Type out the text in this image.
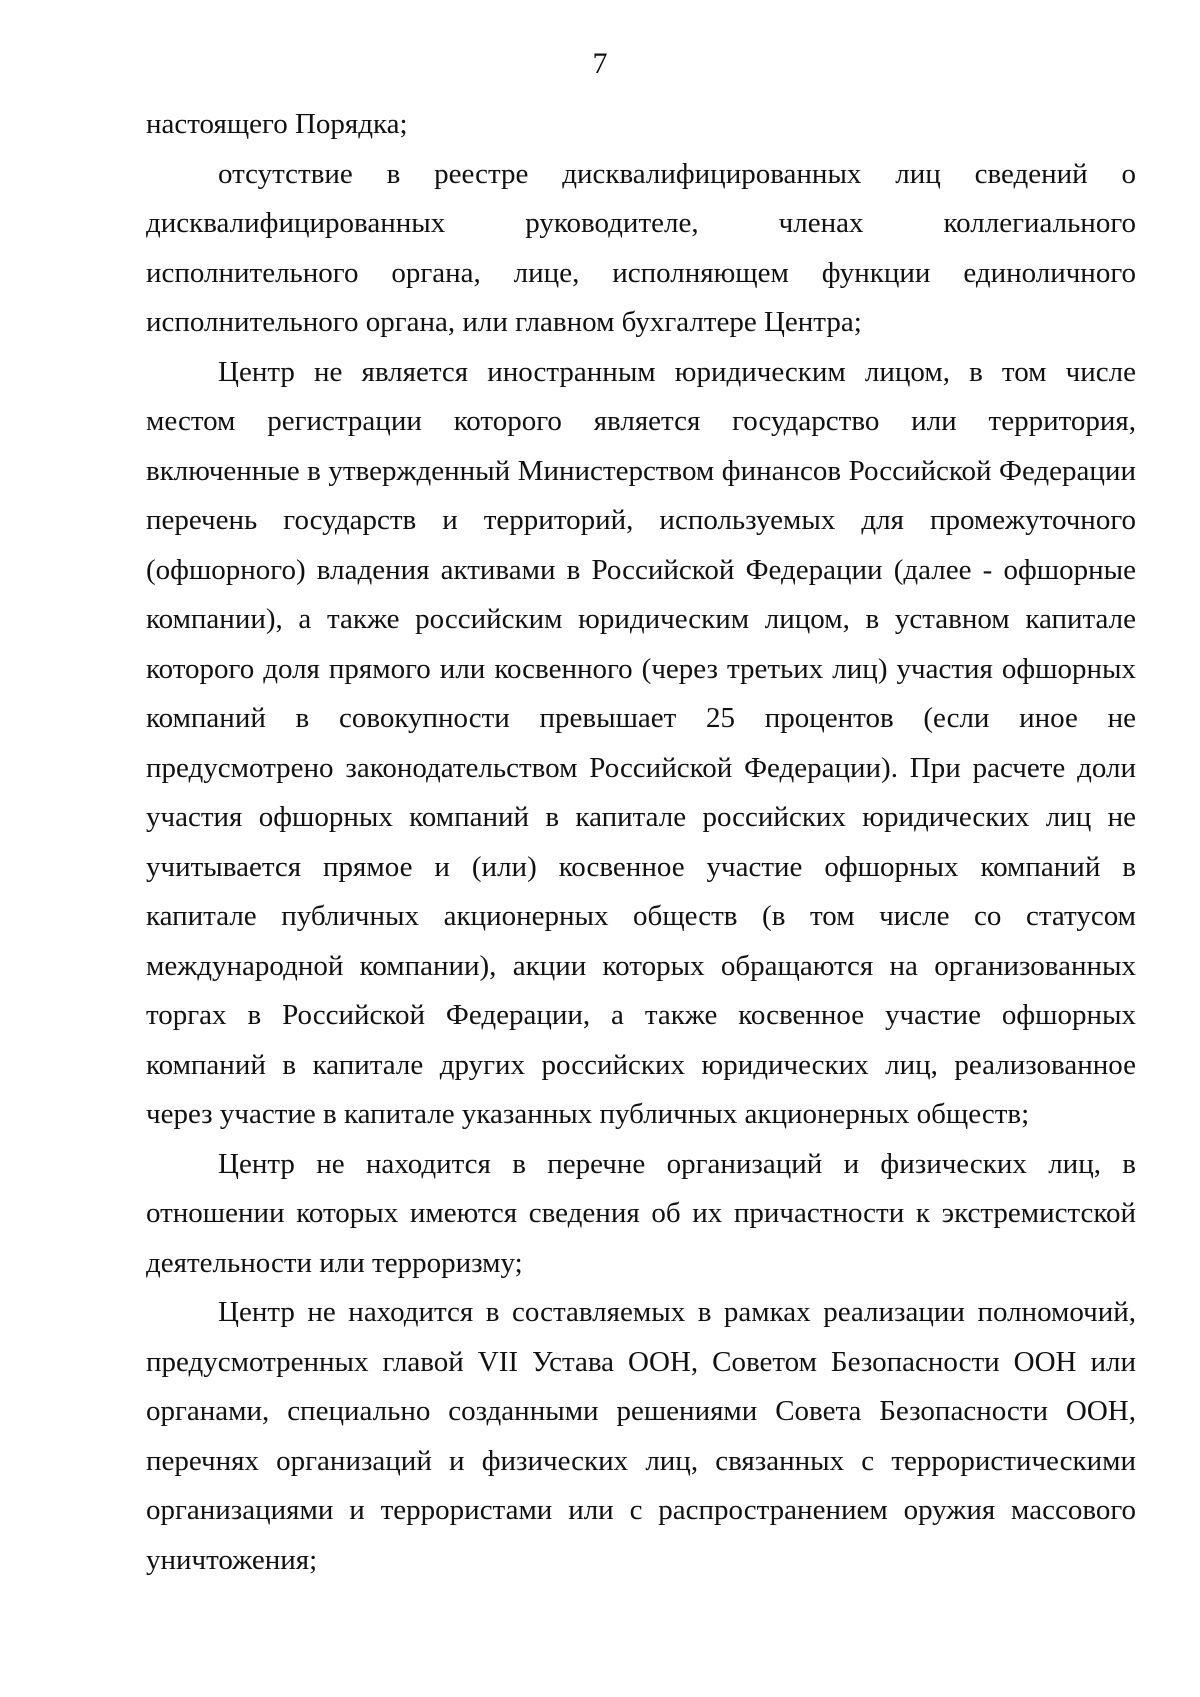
7

настоящего Порядка;

отсутствие в реестре дисквалифицированных лиц сведений о дисквалифицированных руководителе, членах коллегиального исполнительного органа, лице, исполняющем функции единоличного исполнительного органа, или главном бухгалтере Центра;

Центр не является иностранным юридическим лицом, в том числе местом регистрации которого является государство или территория, включенные в утвержденный Министерством финансов Российской Федерации перечень государств и территорий, используемых для промежуточного (офшорного) владения активами в Российской Федерации (далее - офшорные компании), а также российским юридическим лицом, в уставном капитале которого доля прямого или косвенного (через третьих лиц) участия офшорных компаний в совокупности превышает 25 процентов (если иное не предусмотрено законодательством Российской Федерации). При расчете доли участия офшорных компаний в капитале российских юридических лиц не учитывается прямое и (или) косвенное участие офшорных компаний в капитале публичных акционерных обществ (в том числе со статусом международной компании), акции которых обращаются на организованных торгах в Российской Федерации, а также косвенное участие офшорных компаний в капитале других российских юридических лиц, реализованное через участие в капитале указанных публичных акционерных обществ;

Центр не находится в перечне организаций и физических лиц, в отношении которых имеются сведения об их причастности к экстремистской деятельности или терроризму;

Центр не находится в составляемых в рамках реализации полномочий, предусмотренных главой VII Устава ООН, Советом Безопасности ООН или органами, специально созданными решениями Совета Безопасности ООН, перечнях организаций и физических лиц, связанных с террористическими организациями и террористами или с распространением оружия массового уничтожения;
